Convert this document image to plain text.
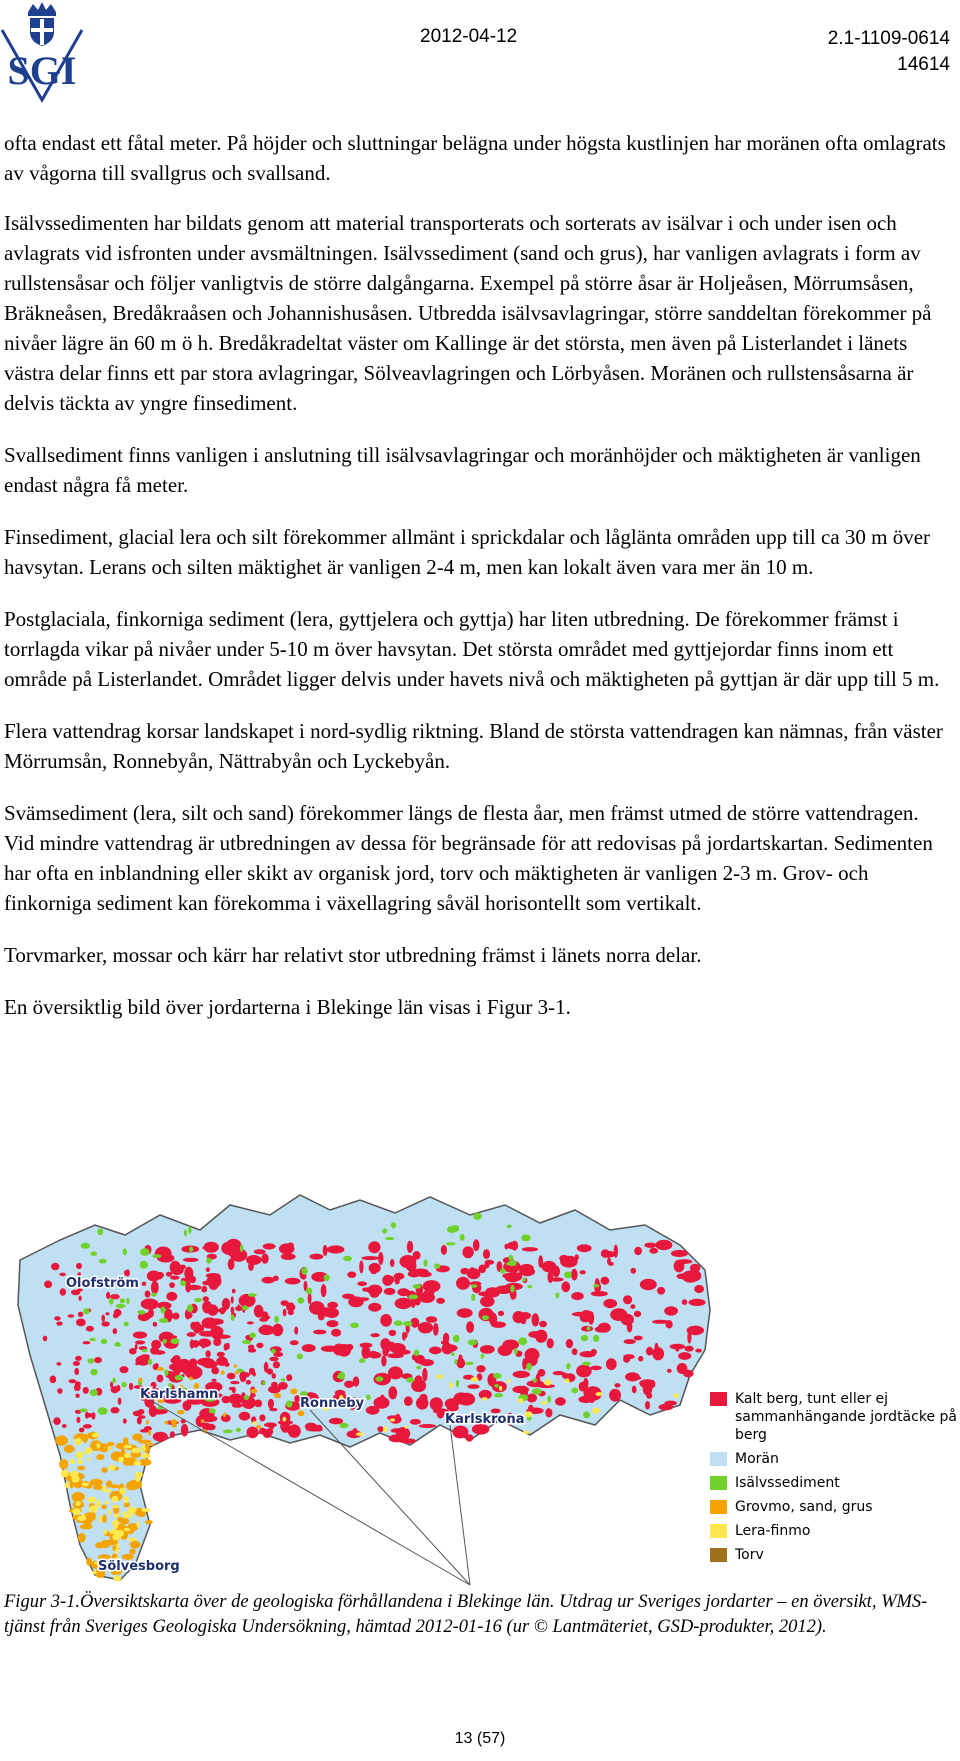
SGI
2012-04-12	2.1-1109-0614
14614

ofta endast ett fåtal meter. På höjder och sluttningar belägna under högsta kustlinjen har moränen ofta omlagrats av vågorna till svallgrus och svallsand.

Isälvssedimenten har bildats genom att material transporterats och sorterats av isälvar i och under isen och avlagrats vid isfronten under avsmältningen. Isälvssediment (sand och grus), har vanligen avlagrats i form av rullstensåsar och följer vanligtvis de större dalgångarna. Exempel på större åsar är Holjeåsen, Mörrumsåsen, Bräkneåsen, Bredåkraåsen och Johannishusåsen. Utbredda isälvsavlagringar, större sanddeltan förekommer på nivåer lägre än 60 m ö h. Bredåkradeltat väster om Kallinge är det största, men även på Listerlandet i länets västra delar finns ett par stora avlagringar, Sölveavlagringen och Lörbyåsen. Moränen och rullstensåsarna är delvis täckta av yngre finsediment.

Svallsediment finns vanligen i anslutning till isälvsavlagringar och moränhöjder och mäktigheten är vanligen endast några få meter.

Finsediment, glacial lera och silt förekommer allmänt i sprickdalar och låglänta områden upp till ca 30 m över havsytan. Lerans och silten mäktighet är vanligen 2-4 m, men kan lokalt även vara mer än 10 m.

Postglaciala, finkorniga sediment (lera, gyttjelera och gyttja) har liten utbredning. De förekommer främst i torrlagda vikar på nivåer under 5-10 m över havsytan. Det största området med gyttjejordar finns inom ett område på Listerlandet. Området ligger delvis under havets nivå och mäktigheten på gyttjan är där upp till 5 m.

Flera vattendrag korsar landskapet i nord-sydlig riktning. Bland de största vattendragen kan nämnas, från väster Mörrumsån, Ronnebyån, Nättrabyån och Lyckebyån.

Svämsediment (lera, silt och sand) förekommer längs de flesta åar, men främst utmed de större vattendragen. Vid mindre vattendrag är utbredningen av dessa för begränsade för att redovisas på jordartskartan. Sedimenten har ofta en inblandning eller skikt av organisk jord, torv och mäktigheten är vanligen 2-3 m. Grov- och finkorniga sediment kan förekomma i växellagring såväl horisontellt som vertikalt.

Torvmarker, mossar och kärr har relativt stor utbredning främst i länets norra delar.

En översiktlig bild över jordarterna i Blekinge län visas i Figur 3-1.

Olofström
Karlshamn
Ronneby
Karlskrona
Sölvesborg
Kalt berg, tunt eller ej sammanhängande jordtäcke på berg
Morän
Isälvssediment
Grovmo, sand, grus
Lera-finmo
Torv
Figur 3-1.Översiktskarta över de geologiska förhållandena i Blekinge län. Utdrag ur Sveriges jordarter – en översikt, WMS-tjänst från Sveriges Geologiska Undersökning, hämtad 2012-01-16 (ur © Lantmäteriet, GSD-produkter, 2012).
13 (57)
